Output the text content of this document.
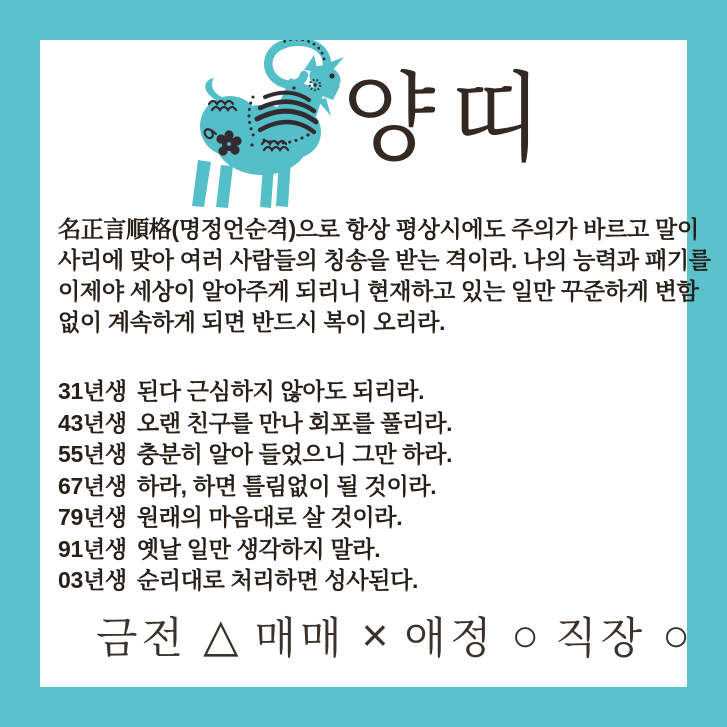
양띠
名正言順格(명정언순격)으로 항상 평상시에도 주의가 바르고 말이
사리에 맞아 여러 사람들의 칭송을 받는 격이라. 나의 능력과 패기를
이제야 세상이 알아주게 되리니 현재하고 있는 일만 꾸준하게 변함
없이 계속하게 되면 반드시 복이 오리라.
31년생 된다 근심하지 않아도 되리라.
43년생 오랜 친구를 만나 회포를 풀리라.
55년생 충분히 알아 들었으니 그만 하라.
67년생 하라, 하면 틀림없이 될 것이라.
79년생 원래의 마음대로 살 것이라.
91년생 옛날 일만 생각하지 말라.
03년생 순리대로 처리하면 성사된다.
금전 △ 매매 × 애정 ○ 직장 ○
